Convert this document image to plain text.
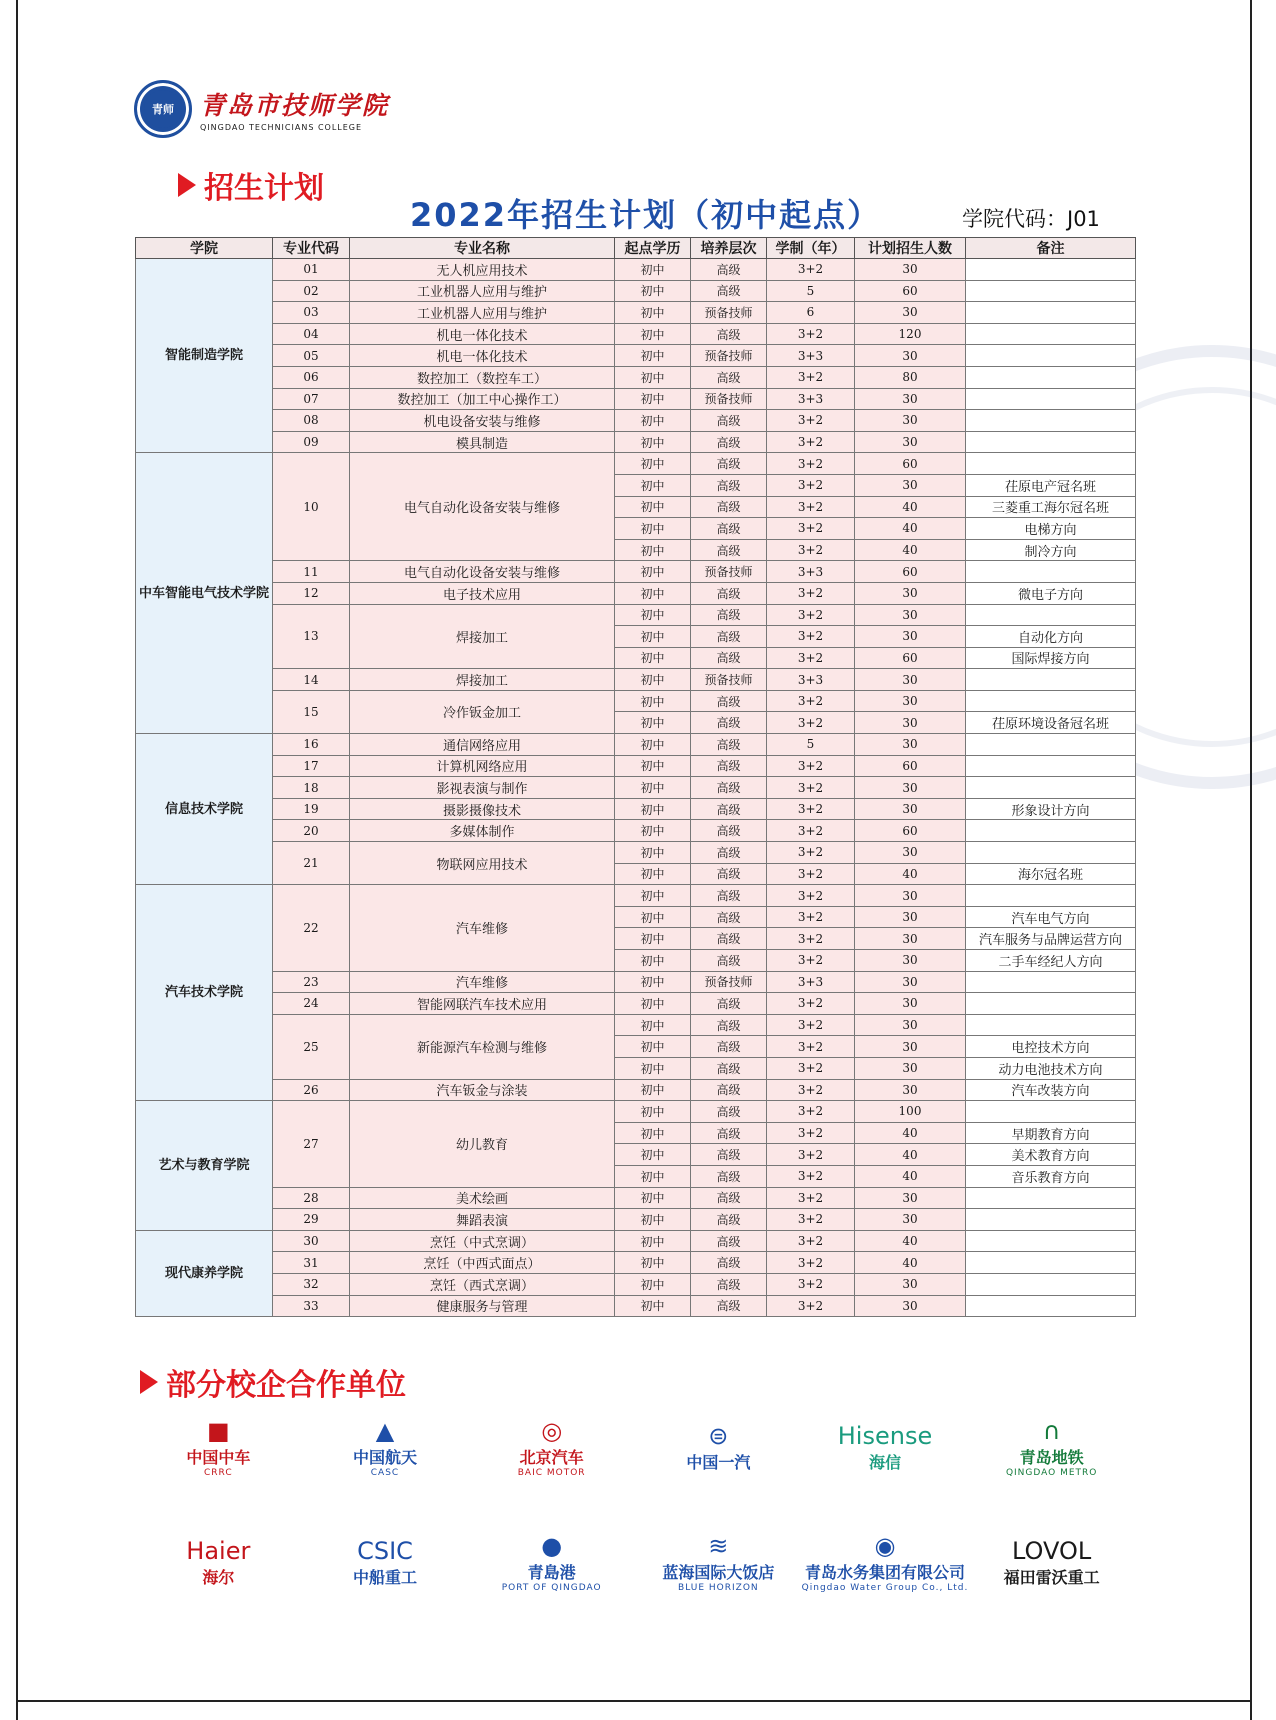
青师 青岛市技师学院
QINGDAO TECHNICIANS COLLEGE
招生计划
2022年招生计划（初中起点）	学院代码：J01
学院	专业代码	专业名称	起点学历	培养层次	学制（年）	计划招生人数	备注
智能制造学院	01	无人机应用技术	初中	高级	3+2	30	
	02	工业机器人应用与维护	初中	高级	5	60	
	03	工业机器人应用与维护	初中	预备技师	6	30	
	04	机电一体化技术	初中	高级	3+2	120	
	05	机电一体化技术	初中	预备技师	3+3	30	
	06	数控加工（数控车工）	初中	高级	3+2	80	
	07	数控加工（加工中心操作工）	初中	预备技师	3+3	30	
	08	机电设备安装与维修	初中	高级	3+2	30	
	09	模具制造	初中	高级	3+2	30	
中车智能电气技术学院	10	电气自动化设备安装与维修	初中	高级	3+2	60	
			初中	高级	3+2	30	茌原电产冠名班
			初中	高级	3+2	40	三菱重工海尔冠名班
			初中	高级	3+2	40	电梯方向
			初中	高级	3+2	40	制冷方向
	11	电气自动化设备安装与维修	初中	预备技师	3+3	60	
	12	电子技术应用	初中	高级	3+2	30	微电子方向
	13	焊接加工	初中	高级	3+2	30	
			初中	高级	3+2	30	自动化方向
			初中	高级	3+2	60	国际焊接方向
	14	焊接加工	初中	预备技师	3+3	30	
	15	冷作钣金加工	初中	高级	3+2	30	
			初中	高级	3+2	30	茌原环境设备冠名班
信息技术学院	16	通信网络应用	初中	高级	5	30	
	17	计算机网络应用	初中	高级	3+2	60	
	18	影视表演与制作	初中	高级	3+2	30	
	19	摄影摄像技术	初中	高级	3+2	30	形象设计方向
	20	多媒体制作	初中	高级	3+2	60	
	21	物联网应用技术	初中	高级	3+2	30	
			初中	高级	3+2	40	海尔冠名班
汽车技术学院	22	汽车维修	初中	高级	3+2	30	
			初中	高级	3+2	30	汽车电气方向
			初中	高级	3+2	30	汽车服务与品牌运营方向
			初中	高级	3+2	30	二手车经纪人方向
	23	汽车维修	初中	预备技师	3+3	30	
	24	智能网联汽车技术应用	初中	高级	3+2	30	
	25	新能源汽车检测与维修	初中	高级	3+2	30	
			初中	高级	3+2	30	电控技术方向
			初中	高级	3+2	30	动力电池技术方向
	26	汽车钣金与涂装	初中	高级	3+2	30	汽车改装方向
艺术与教育学院	27	幼儿教育	初中	高级	3+2	100	
			初中	高级	3+2	40	早期教育方向
			初中	高级	3+2	40	美术教育方向
			初中	高级	3+2	40	音乐教育方向
	28	美术绘画	初中	高级	3+2	30	
	29	舞蹈表演	初中	高级	3+2	30	
现代康养学院	30	烹饪（中式烹调）	初中	高级	3+2	40	
	31	烹饪（中西式面点）	初中	高级	3+2	40	
	32	烹饪（西式烹调）	初中	高级	3+2	30	
	33	健康服务与管理	初中	高级	3+2	30	
部分校企合作单位
■
中国中车
CRRC
▲
中国航天
CASC
◎
北京汽车
BAIC MOTOR
⊜
中国一汽
Hisense
海信
∩
青岛地铁
QINGDAO METRO
Haier
海尔
CSIC
中船重工
●
青島港
PORT OF QINGDAO
≋
蓝海国际大饭店
BLUE HORIZON
◉
青岛水务集团有限公司
Qingdao Water Group Co., Ltd.
LOVOL
福田雷沃重工
